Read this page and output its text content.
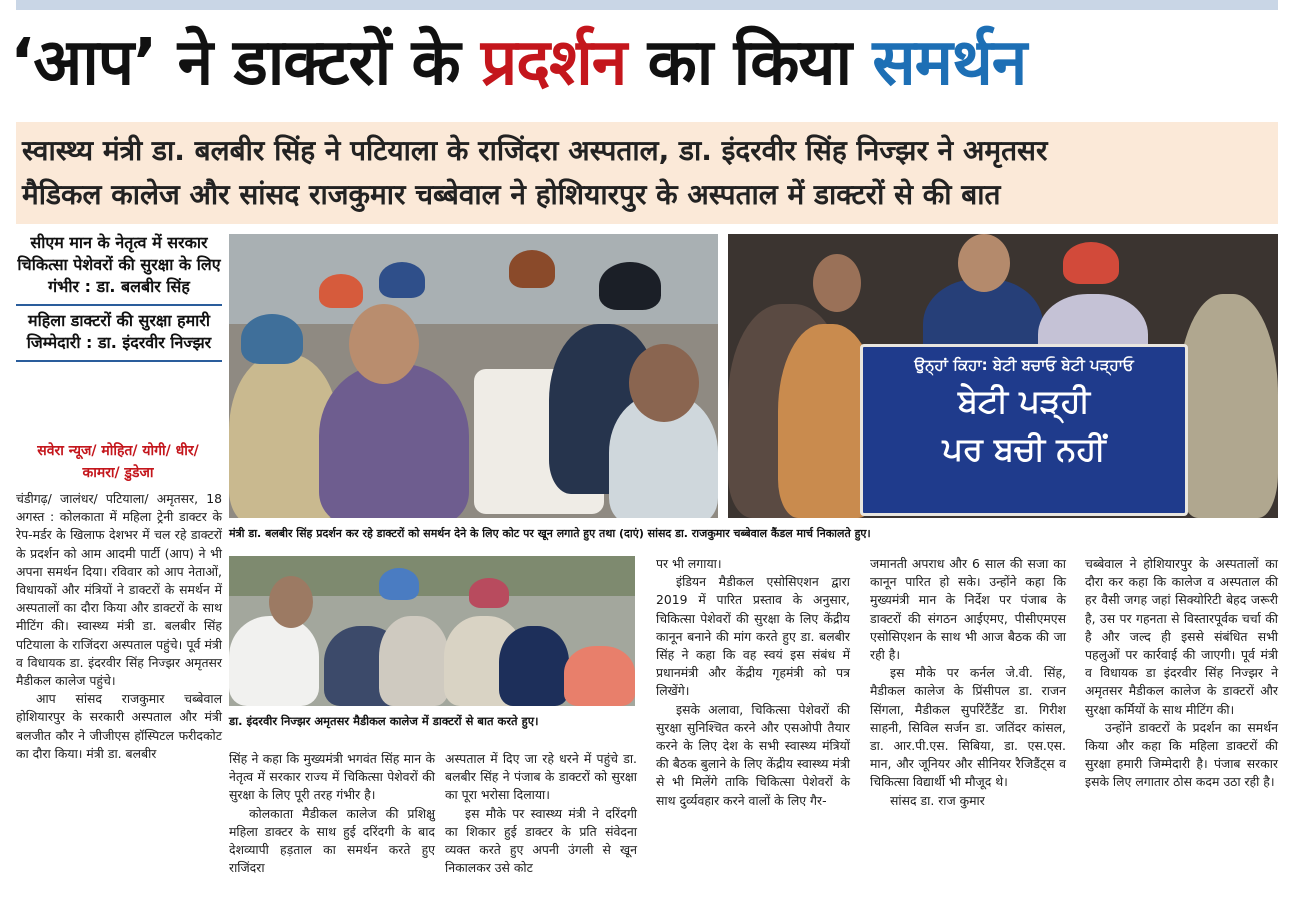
‘आप’ ने डाक्टरों के प्रदर्शन का किया समर्थन
स्वास्थ्य मंत्री डा. बलबीर सिंह ने पटियाला के राजिंदरा अस्पताल, डा. इंदरवीर सिंह निज्झर ने अमृतसर
मैडिकल कालेज और सांसद राजकुमार चब्बेवाल ने होशियारपुर के अस्पताल में डाक्टरों से की बात
सीएम मान के नेतृत्व में सरकार चिकित्सा पेशेवरों की सुरक्षा के लिए गंभीर : डा. बलबीर सिंह
महिला डाक्टरों की सुरक्षा हमारी जिम्मेदारी : डा. इंदरवीर निज्झर
सवेरा न्यूज/ मोहित/ योगी/ धीर/ कामरा/ डुडेजा
ਉਨ੍ਹਾਂ ਕਿਹਾ: ਬੇਟੀ ਬਚਾਓ ਬੇਟੀ ਪੜ੍ਹਾਓ
ਬੇਟੀ ਪੜ੍ਹੀ
ਪਰ ਬਚੀ ਨਹੀਂ
मंत्री डा. बलबीर सिंह प्रदर्शन कर रहे डाक्टरों को समर्थन देने के लिए कोट पर खून लगाते हुए तथा (दाएं) सांसद डा. राजकुमार चब्बेवाल कैंडल मार्च निकालते हुए।
डा. इंदरवीर निज्झर अमृतसर मैडीकल कालेज में डाक्टरों से बात करते हुए।

चंडीगढ़/ जालंधर/ पटियाला/ अमृतसर, 18 अगस्त : कोलकाता में महिला ट्रेनी डाक्टर के रेप-मर्डर के खिलाफ देशभर में चल रहे डाक्टरों के प्रदर्शन को आम आदमी पार्टी (आप) ने भी अपना समर्थन दिया। रविवार को आप नेताओं, विधायकों और मंत्रियों ने डाक्टरों के समर्थन में अस्पतालों का दौरा किया और डाक्टरों के साथ मीटिंग की। स्वास्थ्य मंत्री डा. बलबीर सिंह पटियाला के राजिंदरा अस्पताल पहुंचे। पूर्व मंत्री व विधायक डा. इंदरवीर सिंह निज्झर अमृतसर मैडीकल कालेज पहुंचे।

आप सांसद राजकुमार चब्बेवाल होशियारपुर के सरकारी अस्पताल और मंत्री बलजीत कौर ने जीजीएस हॉस्पिटल फरीदकोट का दौरा किया। मंत्री डा. बलबीर	सिंह ने कहा कि मुख्यमंत्री भगवंत सिंह मान के नेतृत्व में सरकार राज्य में चिकित्सा पेशेवरों की सुरक्षा के लिए पूरी तरह गंभीर है।

कोलकाता मैडीकल कालेज की प्रशिक्षु महिला डाक्टर के साथ हुई दरिंदगी के बाद देशव्यापी हड़ताल का समर्थन करते हुए राजिंदरा

अस्पताल में दिए जा रहे धरने में पहुंचे डा. बलबीर सिंह ने पंजाब के डाक्टरों को सुरक्षा का पूरा भरोसा दिलाया।

इस मौके पर स्वास्थ्य मंत्री ने दरिंदगी का शिकार हुई डाक्टर के प्रति संवेदना व्यक्त करते हुए अपनी उंगली से खून निकालकर उसे कोट

पर भी लगाया।

इंडियन मैडीकल एसोसिएशन द्वारा 2019 में पारित प्रस्ताव के अनुसार, चिकित्सा पेशेवरों की सुरक्षा के लिए केंद्रीय कानून बनाने की मांग करते हुए डा. बलबीर सिंह ने कहा कि वह स्वयं इस संबंध में प्रधानमंत्री और केंद्रीय गृहमंत्री को पत्र लिखेंगे।

इसके अलावा, चिकित्सा पेशेवरों की सुरक्षा सुनिश्चित करने और एसओपी तैयार करने के लिए देश के सभी स्वास्थ्य मंत्रियों की बैठक बुलाने के लिए केंद्रीय स्वास्थ्य मंत्री से भी मिलेंगे ताकि चिकित्सा पेशेवरों के साथ दुर्व्यवहार करने वालों के लिए गैर-

जमानती अपराध और 6 साल की सजा का कानून पारित हो सके। उन्होंने कहा कि मुख्यमंत्री मान के निर्देश पर पंजाब के डाक्टरों की संगठन आईएमए, पीसीएमएस एसोसिएशन के साथ भी आज बैठक की जा रही है।

इस मौके पर कर्नल जे.वी. सिंह, मैडीकल कालेज के प्रिंसीपल डा. राजन सिंगला, मैडीकल सुपरिंटैंडैंट डा. गिरीश साहनी, सिविल सर्जन डा. जतिंदर कांसल, डा. आर.पी.एस. सिबिया, डा. एस.एस. मान, और जूनियर और सीनियर रैजिडैंट्स व चिकित्सा विद्यार्थी भी मौजूद थे।

सांसद डा. राज कुमार

चब्बेवाल ने होशियारपुर के अस्पतालों का दौरा कर कहा कि कालेज व अस्पताल की हर वैसी जगह जहां सिक्योरिटी बेहद जरूरी है, उस पर गहनता से विस्तारपूर्वक चर्चा की है और जल्द ही इससे संबंधित सभी पहलुओं पर कार्रवाई की जाएगी। पूर्व मंत्री व विधायक डा इंदरवीर सिंह निज्झर ने अमृतसर मैडीकल कालेज के डाक्टरों और सुरक्षा कर्मियों के साथ मीटिंग की।

उन्होंने डाक्टरों के प्रदर्शन का समर्थन किया और कहा कि महिला डाक्टरों की सुरक्षा हमारी जिम्मेदारी है। पंजाब सरकार इसके लिए लगातार ठोस कदम उठा रही है।
